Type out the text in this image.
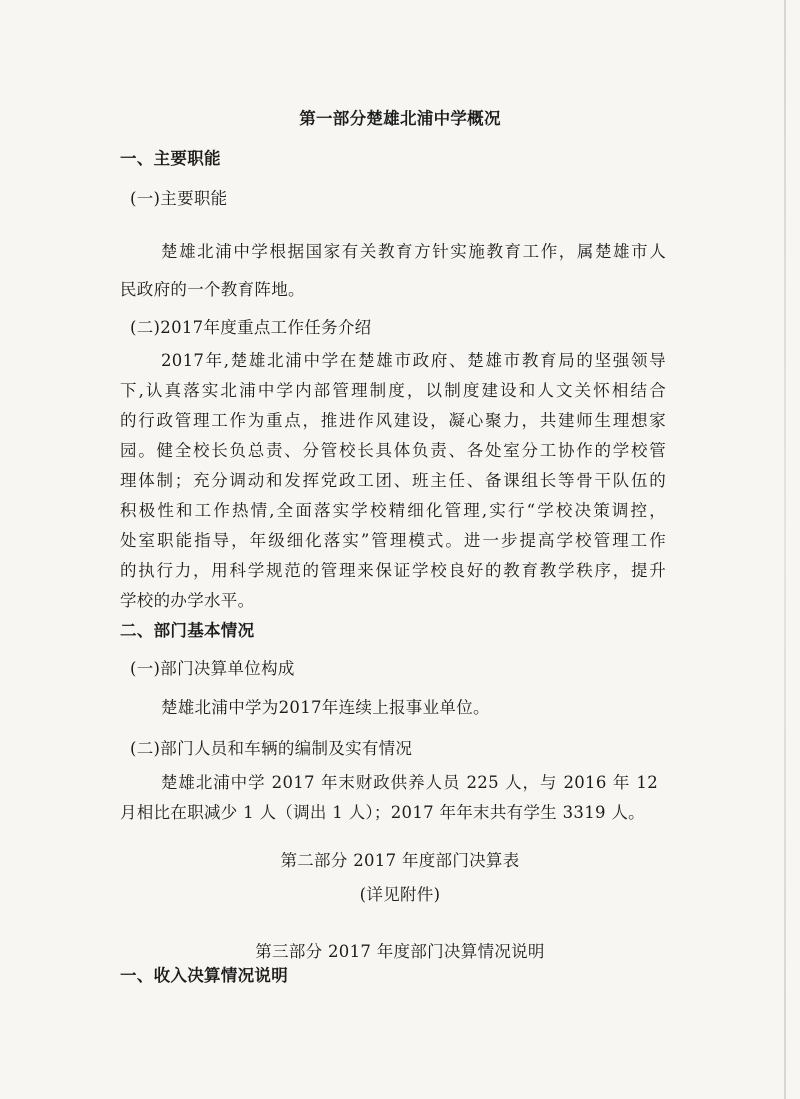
第一部分楚雄北浦中学概况
一、主要职能
(一)主要职能
楚雄北浦中学根据国家有关教育方针实施教育工作，属楚雄市人
民政府的一个教育阵地。
(二)2017年度重点工作任务介绍
2017年,楚雄北浦中学在楚雄市政府、楚雄市教育局的坚强领导
下,认真落实北浦中学内部管理制度，以制度建设和人文关怀相结合
的行政管理工作为重点，推进作风建设，凝心聚力，共建师生理想家
园。健全校长负总责、分管校长具体负责、各处室分工协作的学校管
理体制；充分调动和发挥党政工团、班主任、备课组长等骨干队伍的
积极性和工作热情,全面落实学校精细化管理,实行“学校决策调控，
处室职能指导，年级细化落实”管理模式。进一步提高学校管理工作
的执行力，用科学规范的管理来保证学校良好的教育教学秩序，提升
学校的办学水平。
二、部门基本情况
(一)部门决算单位构成
楚雄北浦中学为2017年连续上报事业单位。
(二)部门人员和车辆的编制及实有情况
楚雄北浦中学 2017 年末财政供养人员 225 人，与 2016 年 12
月相比在职减少 1 人（调出 1 人）；2017 年年末共有学生 3319 人。
第二部分 2017 年度部门决算表
(详见附件)
第三部分 2017 年度部门决算情况说明
一、收入决算情况说明
